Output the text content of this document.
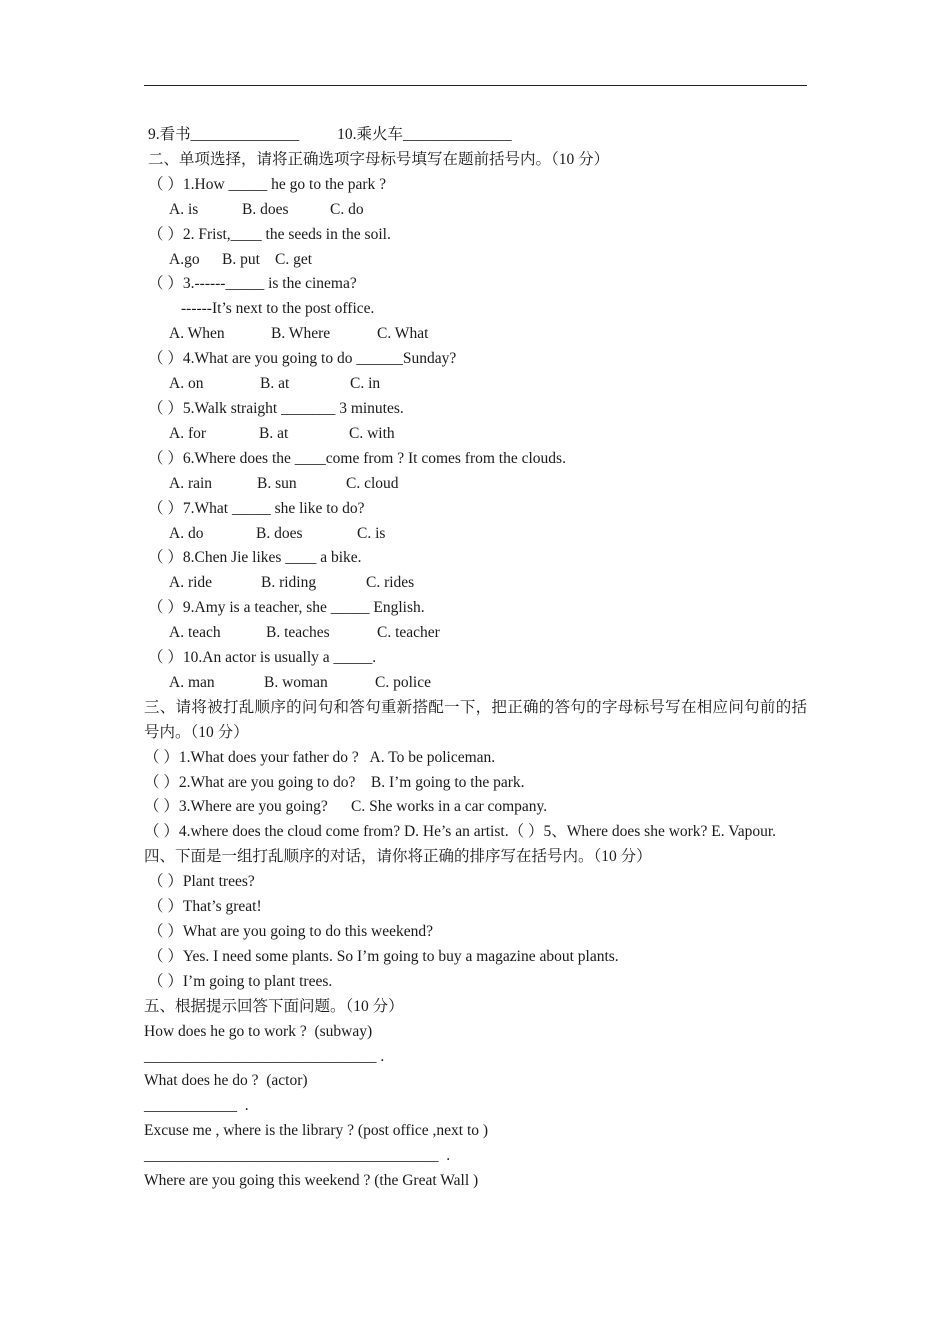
9.看书______________ 10.乘火车______________
二、单项选择，请将正确选项字母标号填写在题前括号内。（10 分）
（ ）1.How _____ he go to the park ?
A. is	B. does	C. do
（ ）2. Frist,____ the seeds in the soil.
A.go B. put C. get
（ ）3.------_____ is the cinema?
------It’s next to the post office.
A. When	B. Where	C. What
（ ）4.What are you going to do ______Sunday?
A. on	B. at	C. in
（ ）5.Walk straight _______ 3 minutes.
A. for	B. at	C. with
（ ）6.Where does the ____come from ? It comes from the clouds.
A. rain	B. sun	C. cloud
（ ）7.What _____ she like to do?
A. do	B. does	C. is
（ ）8.Chen Jie likes ____ a bike.
A. ride	B. riding	C. rides
（ ）9.Amy is a teacher, she _____ English.
A. teach	B. teaches	C. teacher
（ ）10.An actor is usually a _____.
A. man	B. woman	C. police
三、请将被打乱顺序的问句和答句重新搭配一下，把正确的答句的字母标号写在相应问句前的括号内。（10 分）
（ ）1.What does your father do ?   A. To be policeman.
（ ）2.What are you going to do?    B. I’m going to the park.
（ ）3.Where are you going?      C. She works in a car company.
（ ）4.where does the cloud come from? D. He’s an artist.（ ）5、Where does she work? E. Vapour.
四、下面是一组打乱顺序的对话，请你将正确的排序写在括号内。（10 分）
（ ）Plant trees?
（ ）That’s great!
（ ）What are you going to do this weekend?
（ ）Yes. I need some plants. So I’m going to buy a magazine about plants.
（ ）I’m going to plant trees.
五、根据提示回答下面问题。（10 分）
How does he go to work ?  (subway)
______________________________ .
What does he do ?  (actor)
____________  .
Excuse me , where is the library ? (post office ,next to )
______________________________________  .
Where are you going this weekend ? (the Great Wall )
